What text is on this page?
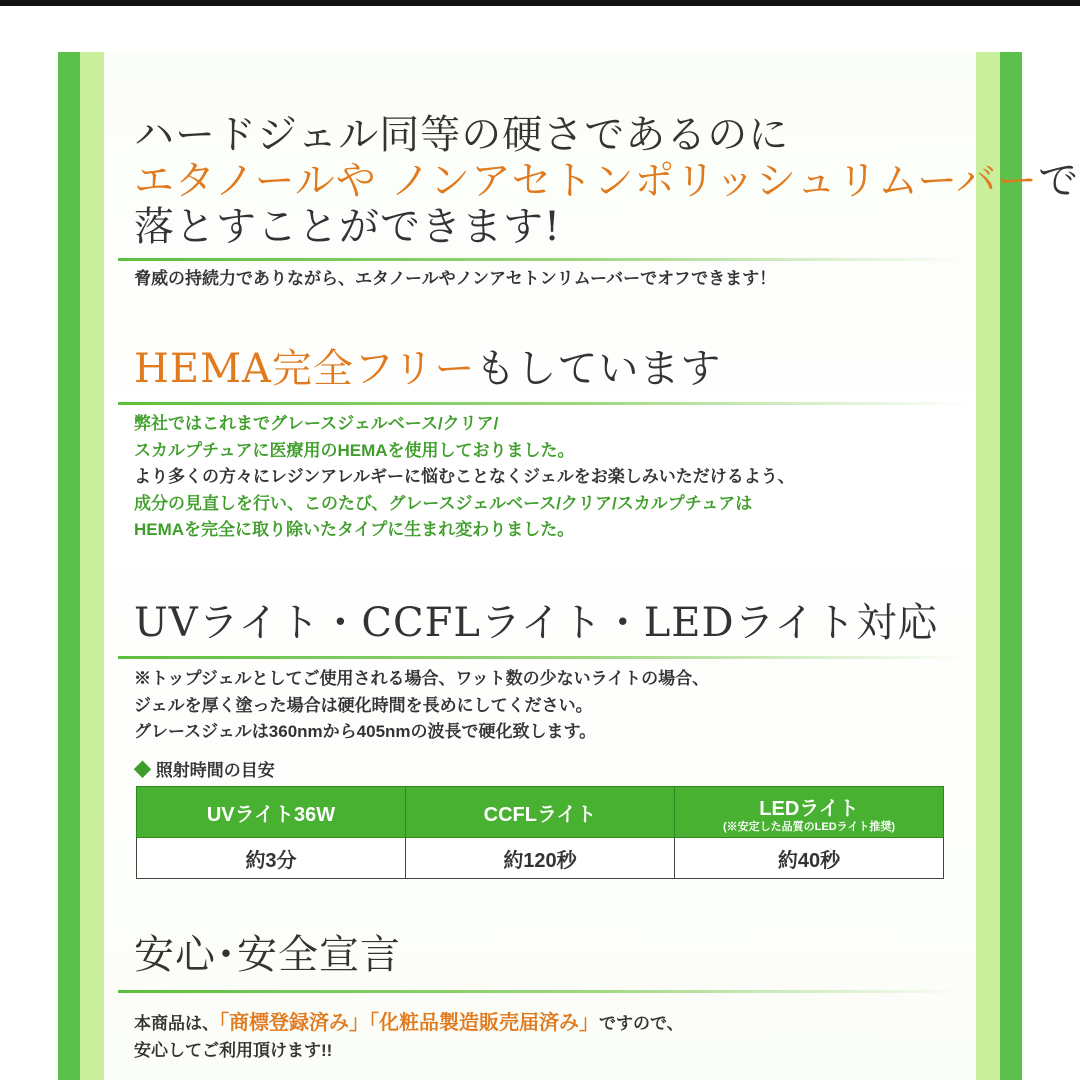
ハードジェル同等の硬さであるのに

エタノールや ノンアセトンポリッシュリムーバーで

落とすことができます!

脅威の持続力でありながら、エタノールやノンアセトンリムーバーでオフできます！

HEMA完全フリーもしています

弊社ではこれまでグレースジェルベース/クリア/

スカルプチュアに医療用のHEMAを使用しておりました。

より多くの方々にレジンアレルギーに悩むことなくジェルをお楽しみいただけるよう、

成分の見直しを行い、このたび、グレースジェルベース/クリア/スカルプチュアは

HEMAを完全に取り除いたタイプに生まれ変わりました。

UVライト・CCFLライト・LEDライト対応

※トップジェルとしてご使用される場合、ワット数の少ないライトの場合、

ジェルを厚く塗った場合は硬化時間を長めにしてください。

グレースジェルは360nmから405nmの波長で硬化致します。

◆ 照射時間の目安

UVライト36W	CCFLライト	LEDライト
(※安定した品質のLEDライト推奨)

約3分	約120秒	約40秒

安心･安全宣言

本商品は、「商標登録済み」「化粧品製造販売届済み」ですので、

安心してご利用頂けます!!
